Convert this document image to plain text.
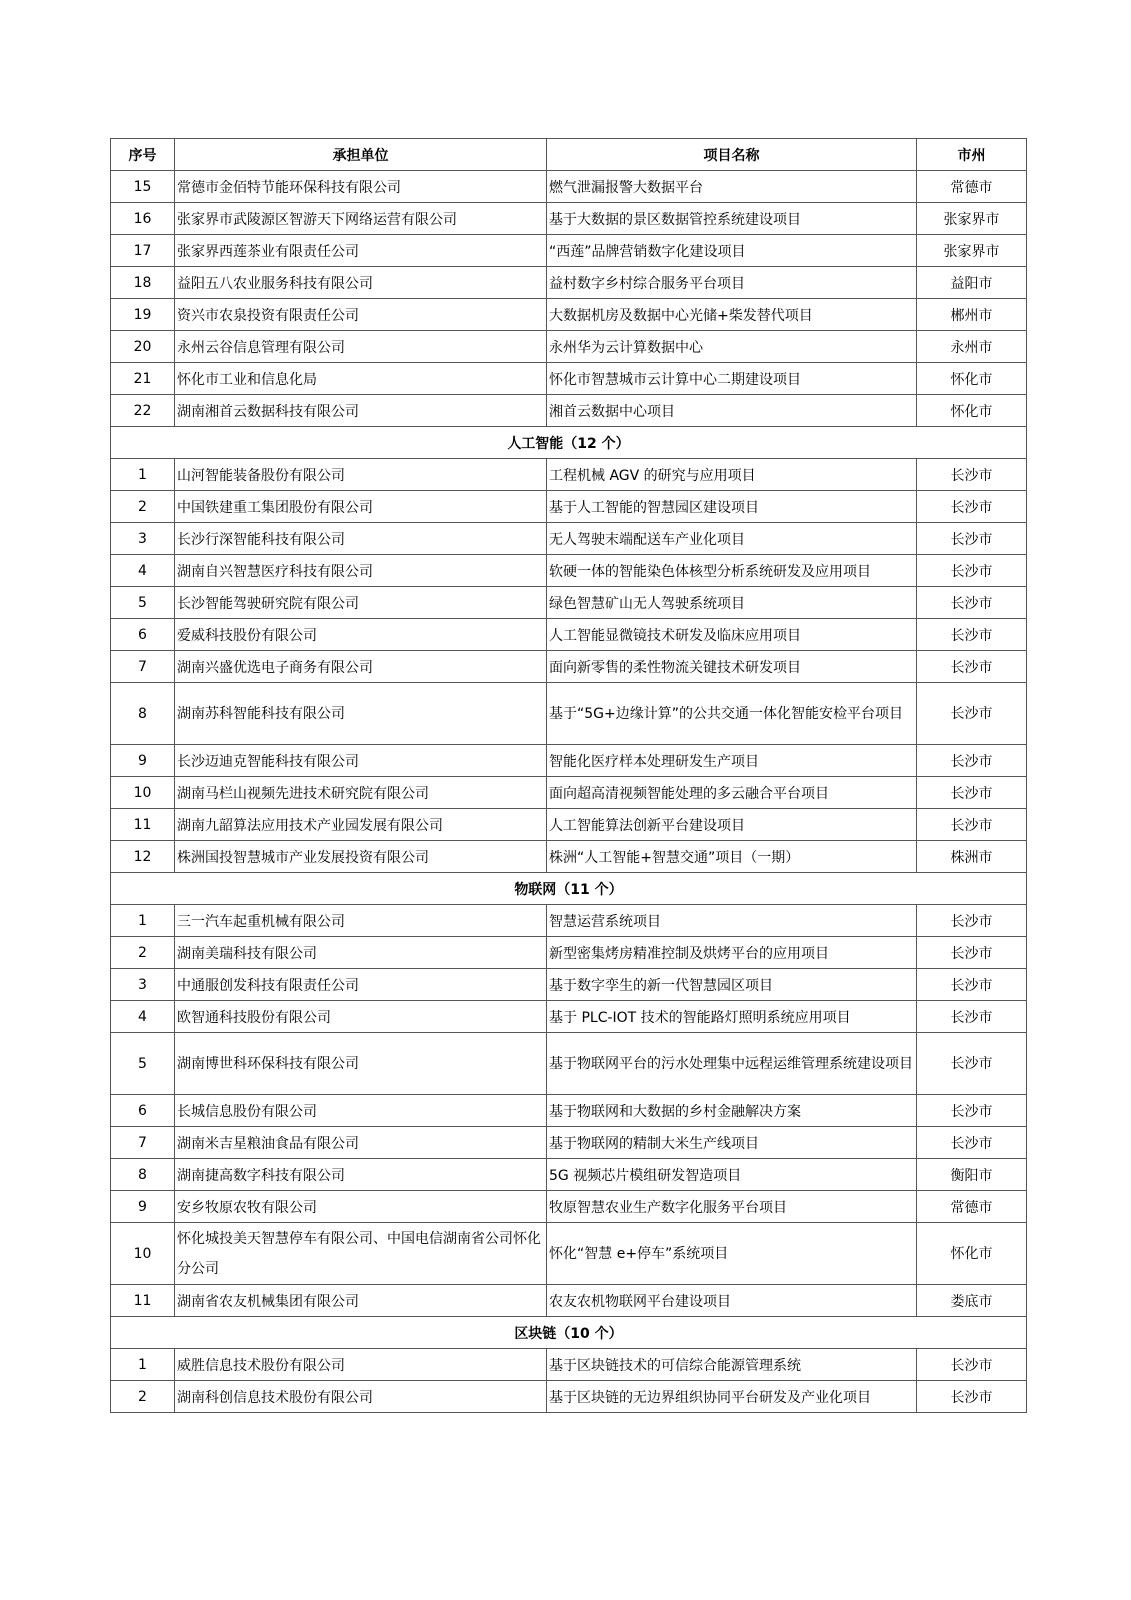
序号	承担单位	项目名称	市州
15	常德市金佰特节能环保科技有限公司	燃气泄漏报警大数据平台	常德市
16	张家界市武陵源区智游天下网络运营有限公司	基于大数据的景区数据管控系统建设项目	张家界市
17	张家界西莲茶业有限责任公司	“西莲”品牌营销数字化建设项目	张家界市
18	益阳五八农业服务科技有限公司	益村数字乡村综合服务平台项目	益阳市
19	资兴市农泉投资有限责任公司	大数据机房及数据中心光储+柴发替代项目	郴州市
20	永州云谷信息管理有限公司	永州华为云计算数据中心	永州市
21	怀化市工业和信息化局	怀化市智慧城市云计算中心二期建设项目	怀化市
22	湖南湘首云数据科技有限公司	湘首云数据中心项目	怀化市
人工智能（12 个）			
1	山河智能装备股份有限公司	工程机械 AGV 的研究与应用项目	长沙市
2	中国铁建重工集团股份有限公司	基于人工智能的智慧园区建设项目	长沙市
3	长沙行深智能科技有限公司	无人驾驶末端配送车产业化项目	长沙市
4	湖南自兴智慧医疗科技有限公司	软硬一体的智能染色体核型分析系统研发及应用项目	长沙市
5	长沙智能驾驶研究院有限公司	绿色智慧矿山无人驾驶系统项目	长沙市
6	爱威科技股份有限公司	人工智能显微镜技术研发及临床应用项目	长沙市
7	湖南兴盛优选电子商务有限公司	面向新零售的柔性物流关键技术研发项目	长沙市
8	湖南苏科智能科技有限公司	基于“5G+边缘计算”的公共交通一体化智能安检平台项目	长沙市
9	长沙迈迪克智能科技有限公司	智能化医疗样本处理研发生产项目	长沙市
10	湖南马栏山视频先进技术研究院有限公司	面向超高清视频智能处理的多云融合平台项目	长沙市
11	湖南九韶算法应用技术产业园发展有限公司	人工智能算法创新平台建设项目	长沙市
12	株洲国投智慧城市产业发展投资有限公司	株洲“人工智能+智慧交通”项目（一期）	株洲市
物联网（11 个）			
1	三一汽车起重机械有限公司	智慧运营系统项目	长沙市
2	湖南美瑞科技有限公司	新型密集烤房精准控制及烘烤平台的应用项目	长沙市
3	中通服创发科技有限责任公司	基于数字孪生的新一代智慧园区项目	长沙市
4	欧智通科技股份有限公司	基于 PLC-IOT 技术的智能路灯照明系统应用项目	长沙市
5	湖南博世科环保科技有限公司	基于物联网平台的污水处理集中远程运维管理系统建设项目	长沙市
6	长城信息股份有限公司	基于物联网和大数据的乡村金融解决方案	长沙市
7	湖南米吉星粮油食品有限公司	基于物联网的精制大米生产线项目	长沙市
8	湖南捷高数字科技有限公司	5G 视频芯片模组研发智造项目	衡阳市
9	安乡牧原农牧有限公司	牧原智慧农业生产数字化服务平台项目	常德市
10	怀化城投美天智慧停车有限公司、中国电信湖南省公司怀化分公司	怀化“智慧 e+停车”系统项目	怀化市
11	湖南省农友机械集团有限公司	农友农机物联网平台建设项目	娄底市
区块链（10 个）			
1	威胜信息技术股份有限公司	基于区块链技术的可信综合能源管理系统	长沙市
2	湖南科创信息技术股份有限公司	基于区块链的无边界组织协同平台研发及产业化项目	长沙市
